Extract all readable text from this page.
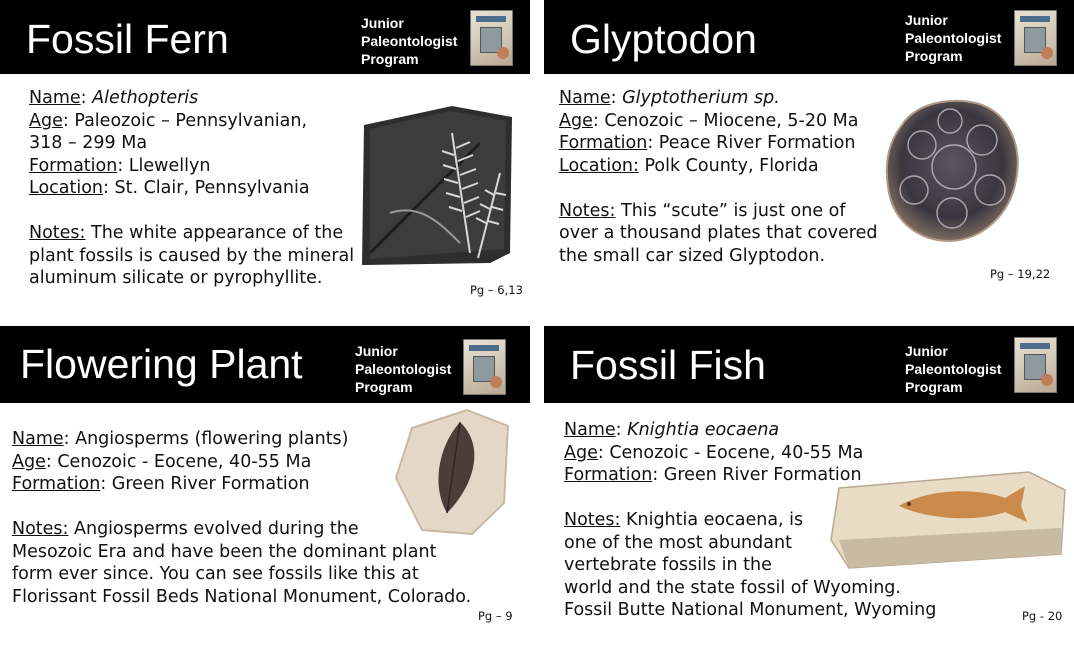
Fossil Fern	Junior
Paleontologist
Program
Name: Alethopteris
Age: Paleozoic – Pennsylvanian,
318 – 299 Ma
Formation: Llewellyn
Location: St. Clair, Pennsylvania
Notes: The white appearance of the
plant fossils is caused by the mineral
aluminum silicate or pyrophyllite.
Pg – 6,13
Glyptodon	Junior
Paleontologist
Program
Name: Glyptotherium sp.
Age: Cenozoic – Miocene, 5-20 Ma
Formation: Peace River Formation
Location: Polk County, Florida
Notes: This “scute” is just one of
over a thousand plates that covered
the small car sized Glyptodon.
Pg – 19,22
Flowering Plant	Junior
Paleontologist
Program
Name: Angiosperms (flowering plants)
Age: Cenozoic - Eocene, 40-55 Ma
Formation: Green River Formation
Notes: Angiosperms evolved during the
Mesozoic Era and have been the dominant plant
form ever since. You can see fossils like this at
Florissant Fossil Beds National Monument, Colorado.
Pg – 9
Fossil Fish	Junior
Paleontologist
Program
Name: Knightia eocaena
Age: Cenozoic - Eocene, 40-55 Ma
Formation: Green River Formation
Notes: Knightia eocaena, is
one of the most abundant
vertebrate fossils in the
world and the state fossil of Wyoming.
Fossil Butte National Monument, Wyoming	Pg - 20
